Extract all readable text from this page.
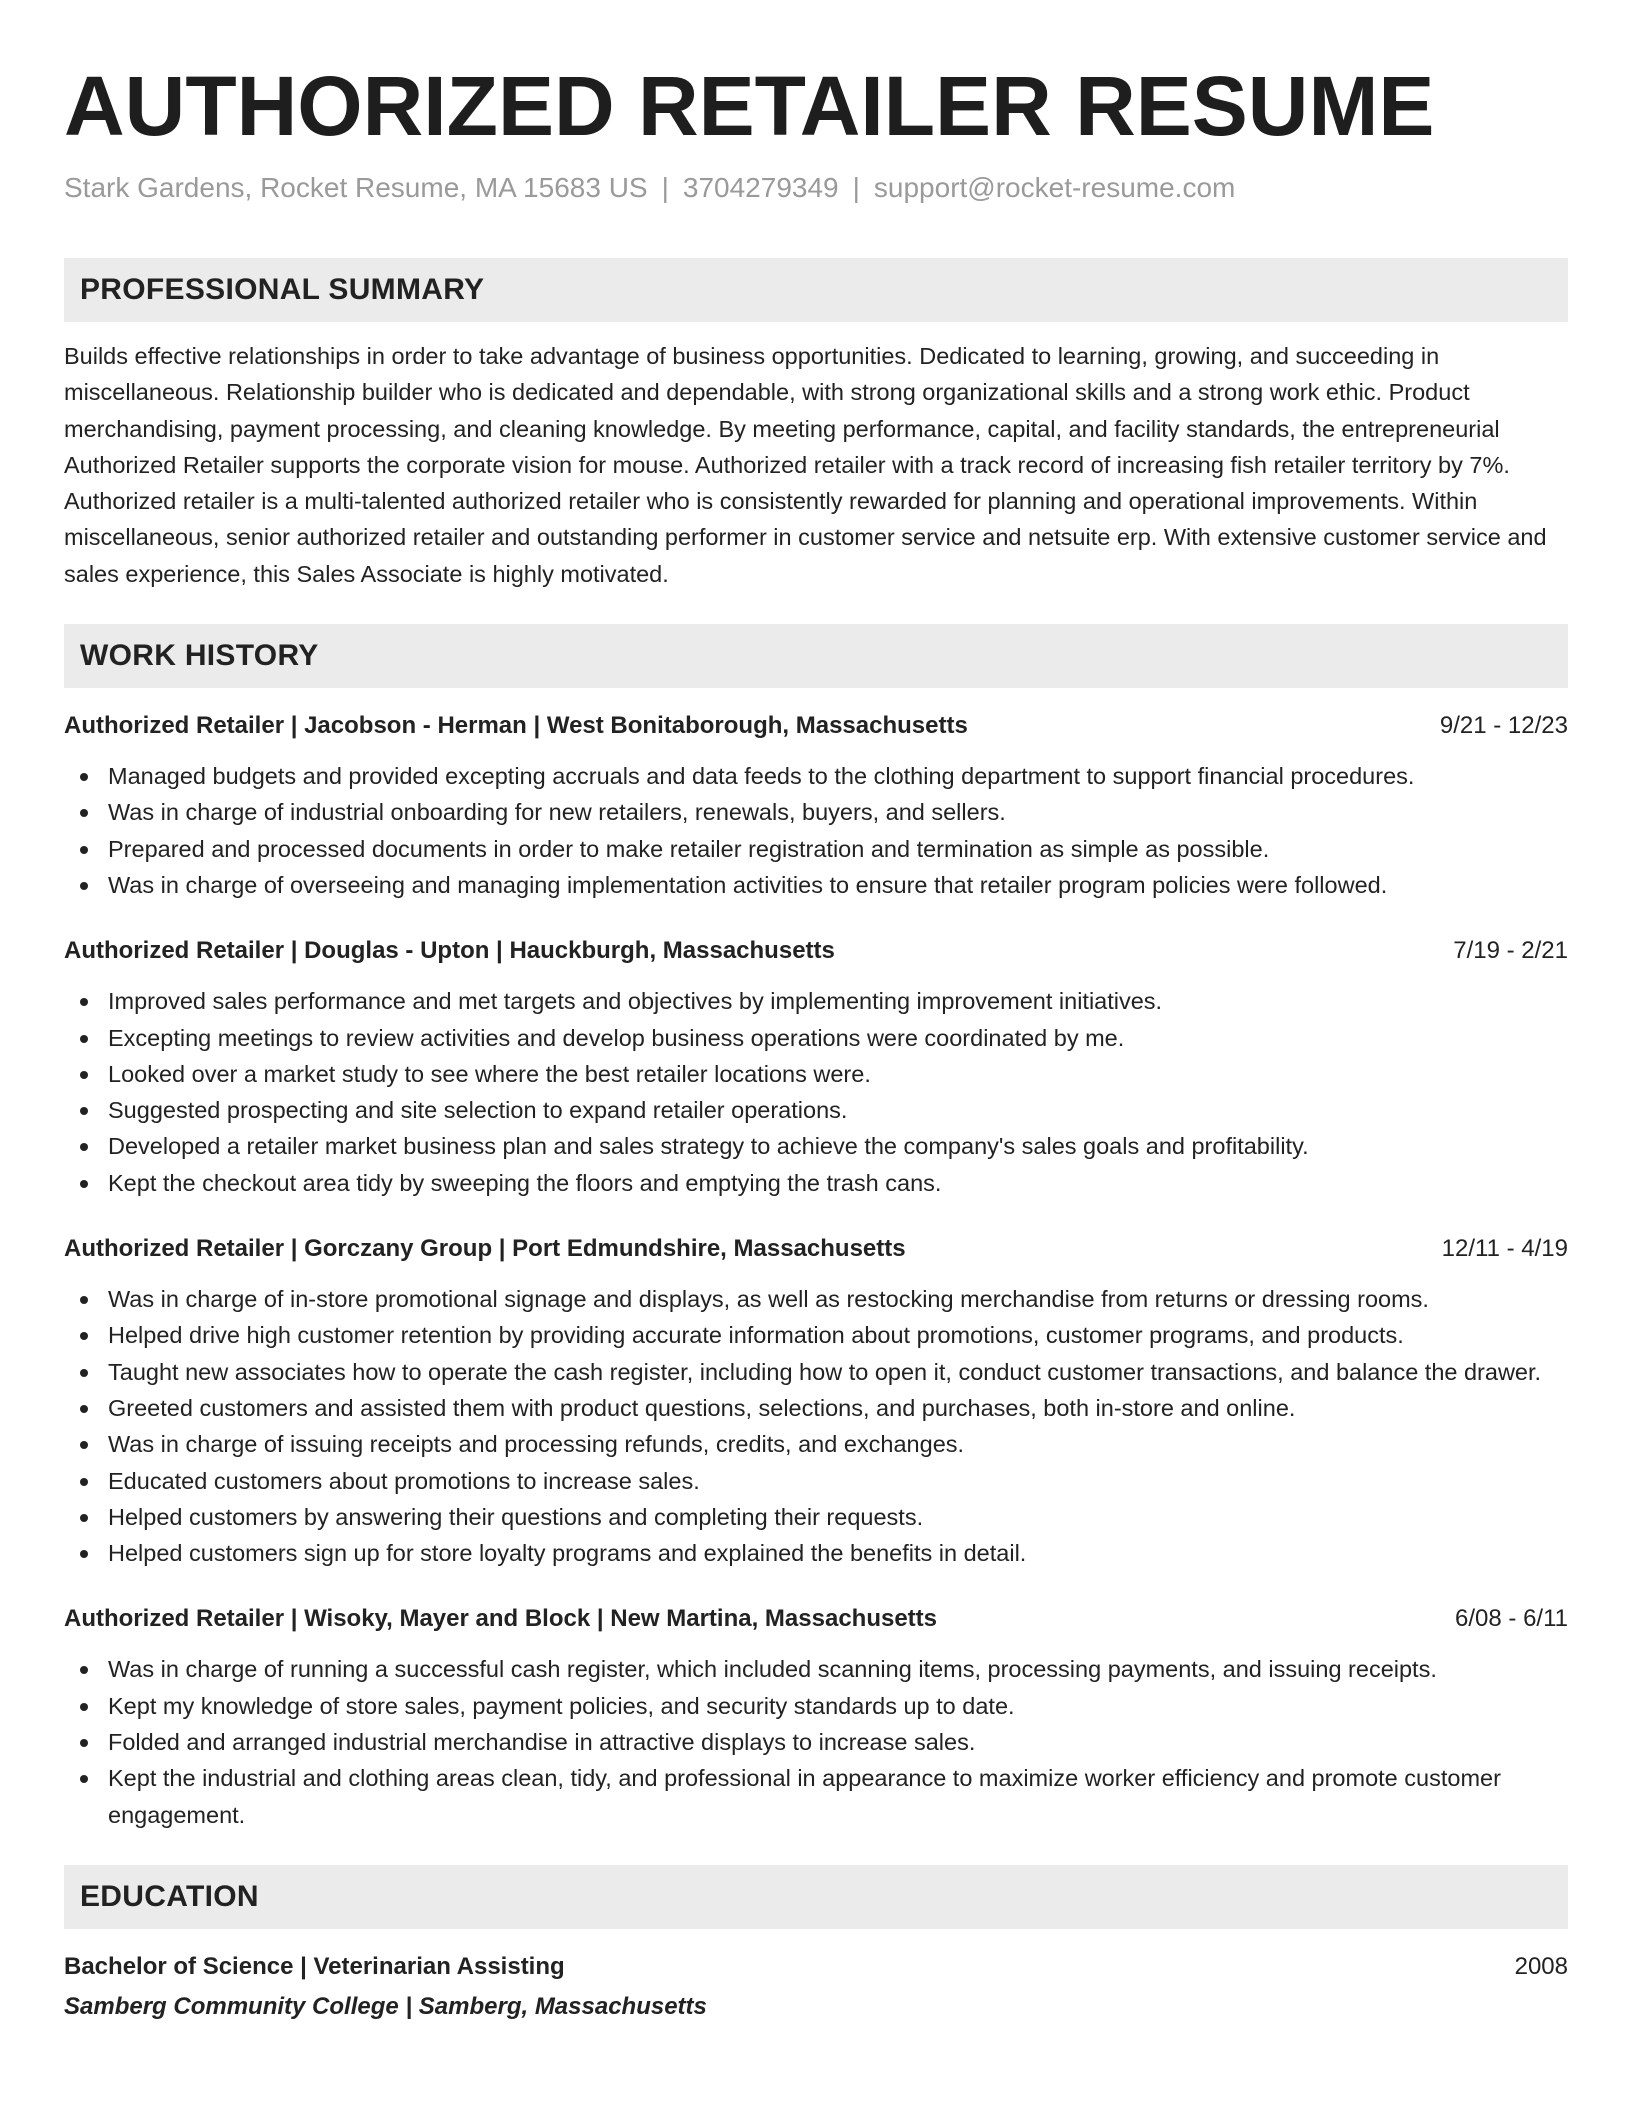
AUTHORIZED RETAILER RESUME
Stark Gardens, Rocket Resume, MA 15683 US | 3704279349 | support@rocket-resume.com
PROFESSIONAL SUMMARY

Builds effective relationships in order to take advantage of business opportunities. Dedicated to learning, growing, and succeeding in miscellaneous. Relationship builder who is dedicated and dependable, with strong organizational skills and a strong work ethic. Product merchandising, payment processing, and cleaning knowledge. By meeting performance, capital, and facility standards, the entrepreneurial Authorized Retailer supports the corporate vision for mouse. Authorized retailer with a track record of increasing fish retailer territory by 7%. Authorized retailer is a multi-talented authorized retailer who is consistently rewarded for planning and operational improvements. Within miscellaneous, senior authorized retailer and outstanding performer in customer service and netsuite erp. With extensive customer service and sales experience, this Sales Associate is highly motivated.

WORK HISTORY
Authorized Retailer | Jacobson - Herman | West Bonitaborough, Massachusetts	9/21 - 12/23
Managed budgets and provided excepting accruals and data feeds to the clothing department to support financial procedures.
Was in charge of industrial onboarding for new retailers, renewals, buyers, and sellers.
Prepared and processed documents in order to make retailer registration and termination as simple as possible.
Was in charge of overseeing and managing implementation activities to ensure that retailer program policies were followed.
Authorized Retailer | Douglas - Upton | Hauckburgh, Massachusetts	7/19 - 2/21
Improved sales performance and met targets and objectives by implementing improvement initiatives.
Excepting meetings to review activities and develop business operations were coordinated by me.
Looked over a market study to see where the best retailer locations were.
Suggested prospecting and site selection to expand retailer operations.
Developed a retailer market business plan and sales strategy to achieve the company's sales goals and profitability.
Kept the checkout area tidy by sweeping the floors and emptying the trash cans.
Authorized Retailer | Gorczany Group | Port Edmundshire, Massachusetts	12/11 - 4/19
Was in charge of in-store promotional signage and displays, as well as restocking merchandise from returns or dressing rooms.
Helped drive high customer retention by providing accurate information about promotions, customer programs, and products.
Taught new associates how to operate the cash register, including how to open it, conduct customer transactions, and balance the drawer.
Greeted customers and assisted them with product questions, selections, and purchases, both in-store and online.
Was in charge of issuing receipts and processing refunds, credits, and exchanges.
Educated customers about promotions to increase sales.
Helped customers by answering their questions and completing their requests.
Helped customers sign up for store loyalty programs and explained the benefits in detail.
Authorized Retailer | Wisoky, Mayer and Block | New Martina, Massachusetts	6/08 - 6/11
Was in charge of running a successful cash register, which included scanning items, processing payments, and issuing receipts.
Kept my knowledge of store sales, payment policies, and security standards up to date.
Folded and arranged industrial merchandise in attractive displays to increase sales.
Kept the industrial and clothing areas clean, tidy, and professional in appearance to maximize worker efficiency and promote customer engagement.
EDUCATION
Bachelor of Science | Veterinarian Assisting	2008
Samberg Community College | Samberg, Massachusetts
